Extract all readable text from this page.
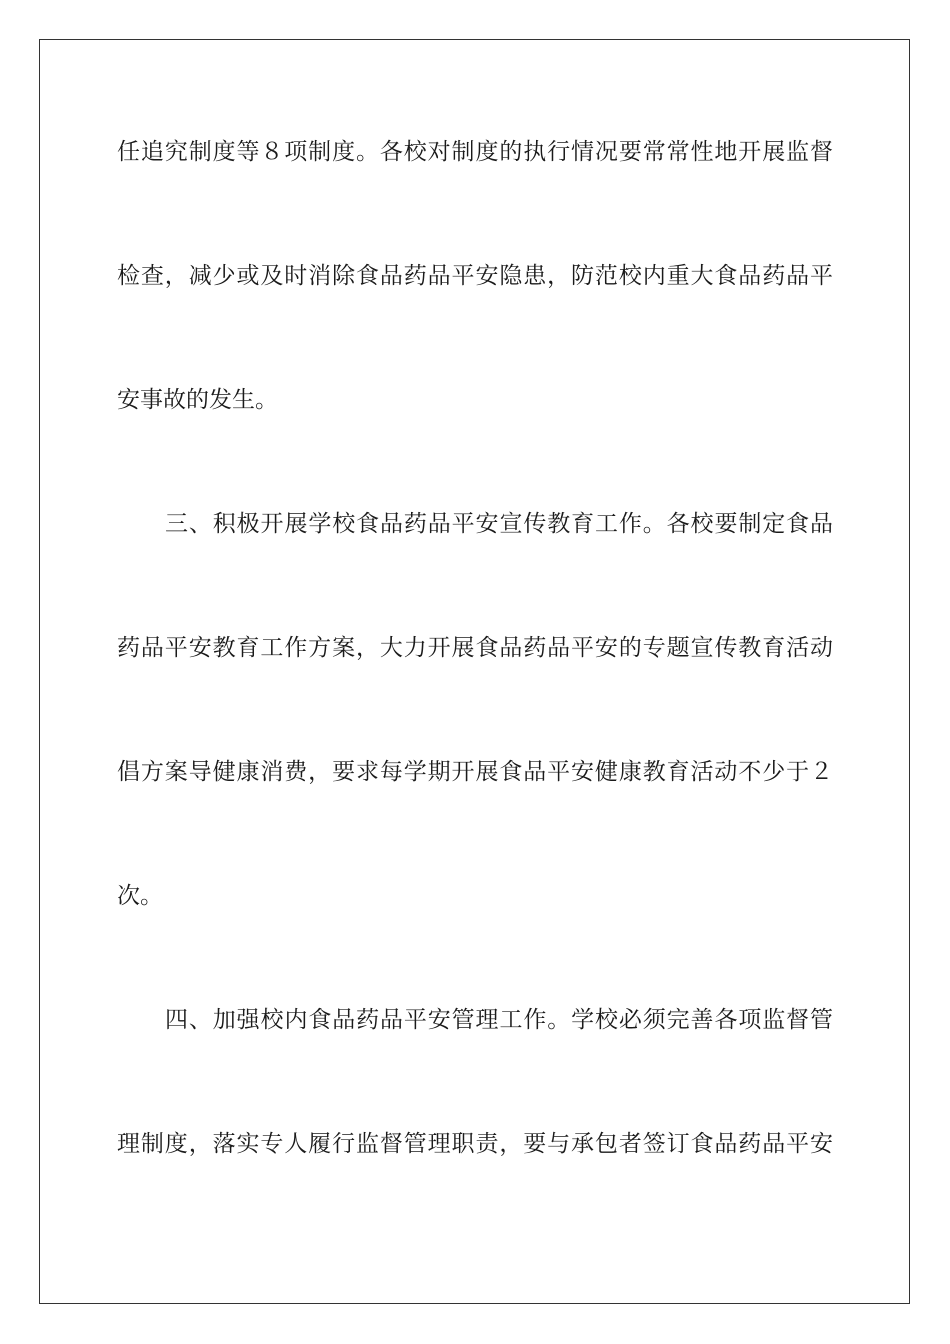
任追究制度等８项制度。各校对制度的执行情况要常常性地开展监督
检查，减少或及时消除食品药品平安隐患，防范校内重大食品药品平
安事故的发生。
三、积极开展学校食品药品平安宣传教育工作。各校要制定食品
药品平安教育工作方案，大力开展食品药品平安的专题宣传教育活动
倡方案导健康消费，要求每学期开展食品平安健康教育活动不少于２
次。
四、加强校内食品药品平安管理工作。学校必须完善各项监督管
理制度，落实专人履行监督管理职责，要与承包者签订食品药品平安
